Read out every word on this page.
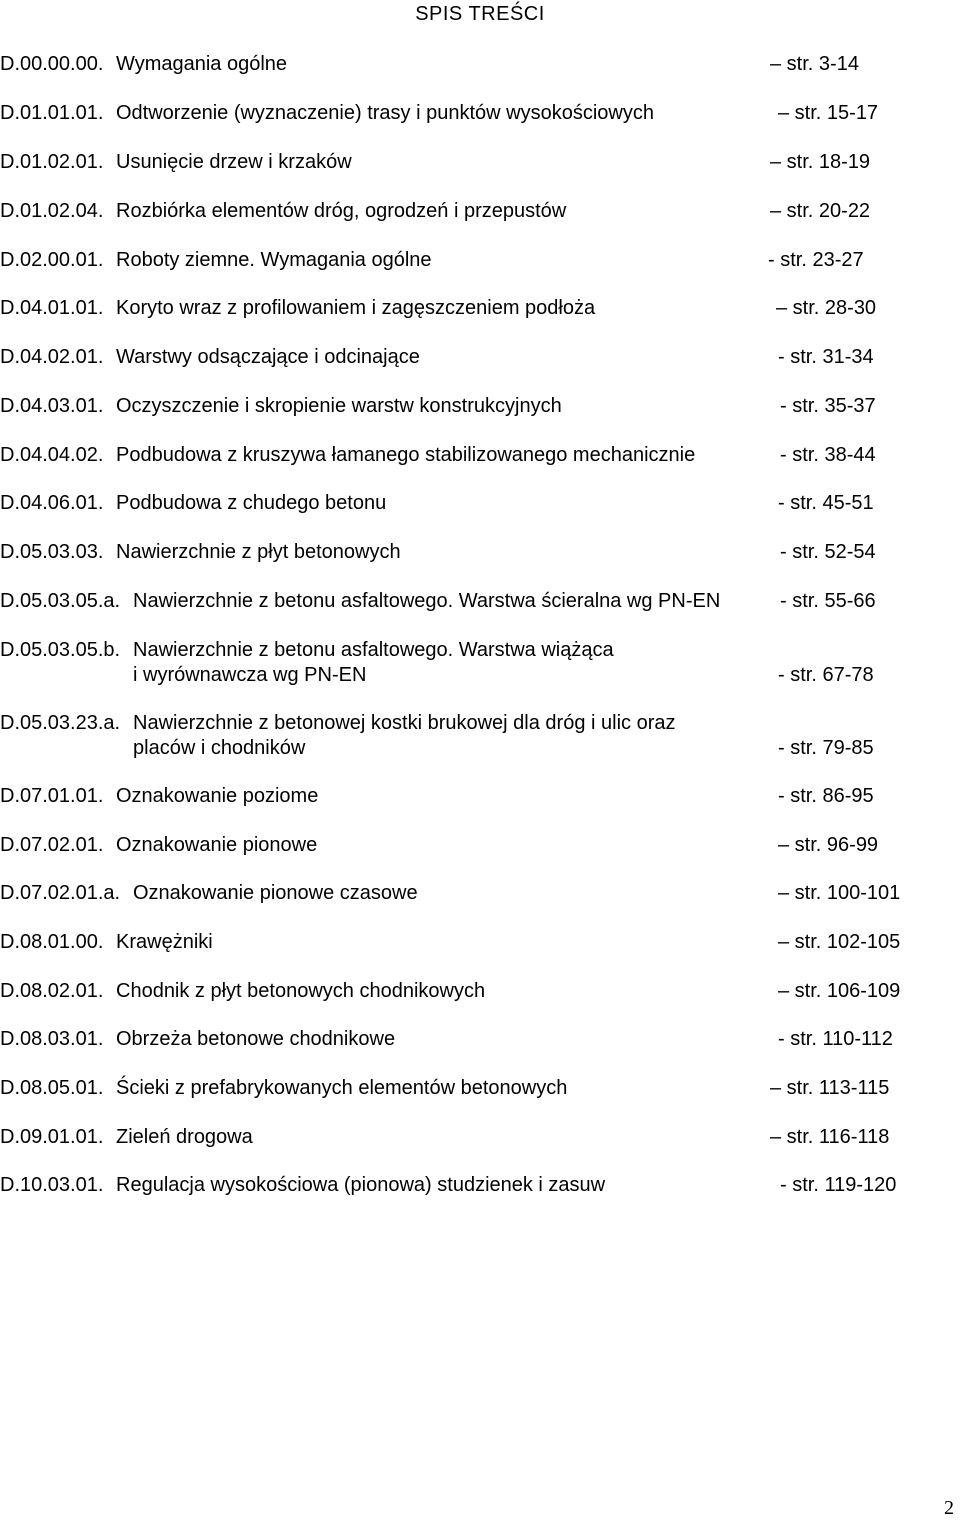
SPIS TREŚCI
D.00.00.00. Wymagania ogólne	– str. 3-14
D.01.01.01. Odtworzenie (wyznaczenie) trasy i punktów wysokościowych	– str. 15-17
D.01.02.01. Usunięcie drzew i krzaków	– str. 18-19
D.01.02.04. Rozbiórka elementów dróg, ogrodzeń i przepustów	– str. 20-22
D.02.00.01. Roboty ziemne. Wymagania ogólne	- str. 23-27
D.04.01.01. Koryto wraz z profilowaniem i zagęszczeniem podłoża	– str. 28-30
D.04.02.01. Warstwy odsączające i odcinające	- str. 31-34
D.04.03.01. Oczyszczenie i skropienie warstw konstrukcyjnych	- str. 35-37
D.04.04.02. Podbudowa z kruszywa łamanego stabilizowanego mechanicznie	- str. 38-44
D.04.06.01. Podbudowa z chudego betonu	- str. 45-51
D.05.03.03. Nawierzchnie z płyt betonowych	- str. 52-54
D.05.03.05.a. Nawierzchnie z betonu asfaltowego. Warstwa ścieralna wg PN-EN	- str. 55-66
D.05.03.05.b. Nawierzchnie z betonu asfaltowego. Warstwa wiążąca
i wyrównawcza wg PN-EN	- str. 67-78
D.05.03.23.a. Nawierzchnie z betonowej kostki brukowej dla dróg i ulic oraz
placów i chodników	- str. 79-85
D.07.01.01. Oznakowanie poziome	- str. 86-95
D.07.02.01. Oznakowanie pionowe	– str. 96-99
D.07.02.01.a. Oznakowanie pionowe czasowe	– str. 100-101
D.08.01.00. Krawężniki	– str. 102-105
D.08.02.01. Chodnik z płyt betonowych chodnikowych	– str. 106-109
D.08.03.01. Obrzeża betonowe chodnikowe	- str. 110-112
D.08.05.01. Ścieki z prefabrykowanych elementów betonowych	– str. 113-115
D.09.01.01. Zieleń drogowa	– str. 116-118
D.10.03.01. Regulacja wysokościowa (pionowa) studzienek i zasuw	- str. 119-120
2
